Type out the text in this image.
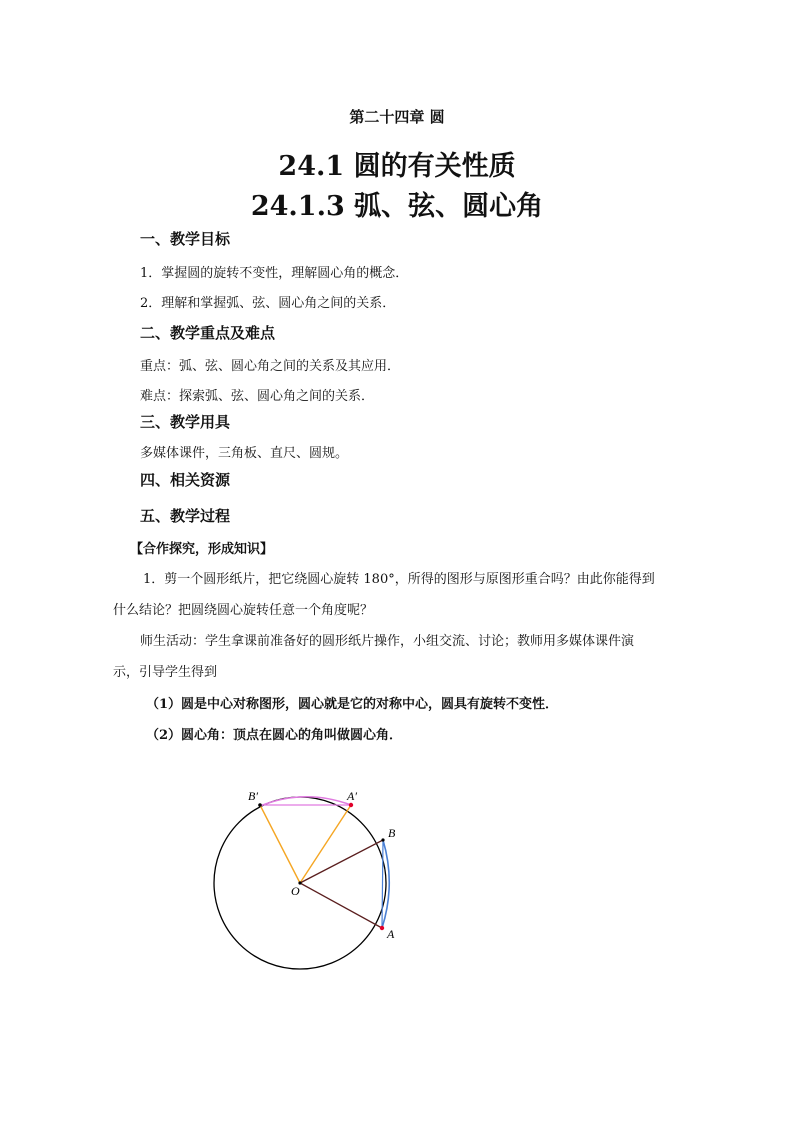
第二十四章 圆
24.1 圆的有关性质
24.1.3 弧、弦、圆心角
一、教学目标
1．掌握圆的旋转不变性，理解圆心角的概念．
2．理解和掌握弧、弦、圆心角之间的关系．
二、教学重点及难点
重点：弧、弦、圆心角之间的关系及其应用．
难点：探索弧、弦、圆心角之间的关系．
三、教学用具
多媒体课件，三角板、直尺、圆规。
四、相关资源
五、教学过程
【合作探究，形成知识】
1．剪一个圆形纸片，把它绕圆心旋转 180°，所得的图形与原图形重合吗？由此你能得到
什么结论？把圆绕圆心旋转任意一个角度呢？
师生活动：学生拿课前准备好的圆形纸片操作，小组交流、讨论；教师用多媒体课件演
示，引导学生得到
（1）圆是中心对称图形，圆心就是它的对称中心，圆具有旋转不变性．
（2）圆心角：顶点在圆心的角叫做圆心角．
B′	A′
B
A
O
